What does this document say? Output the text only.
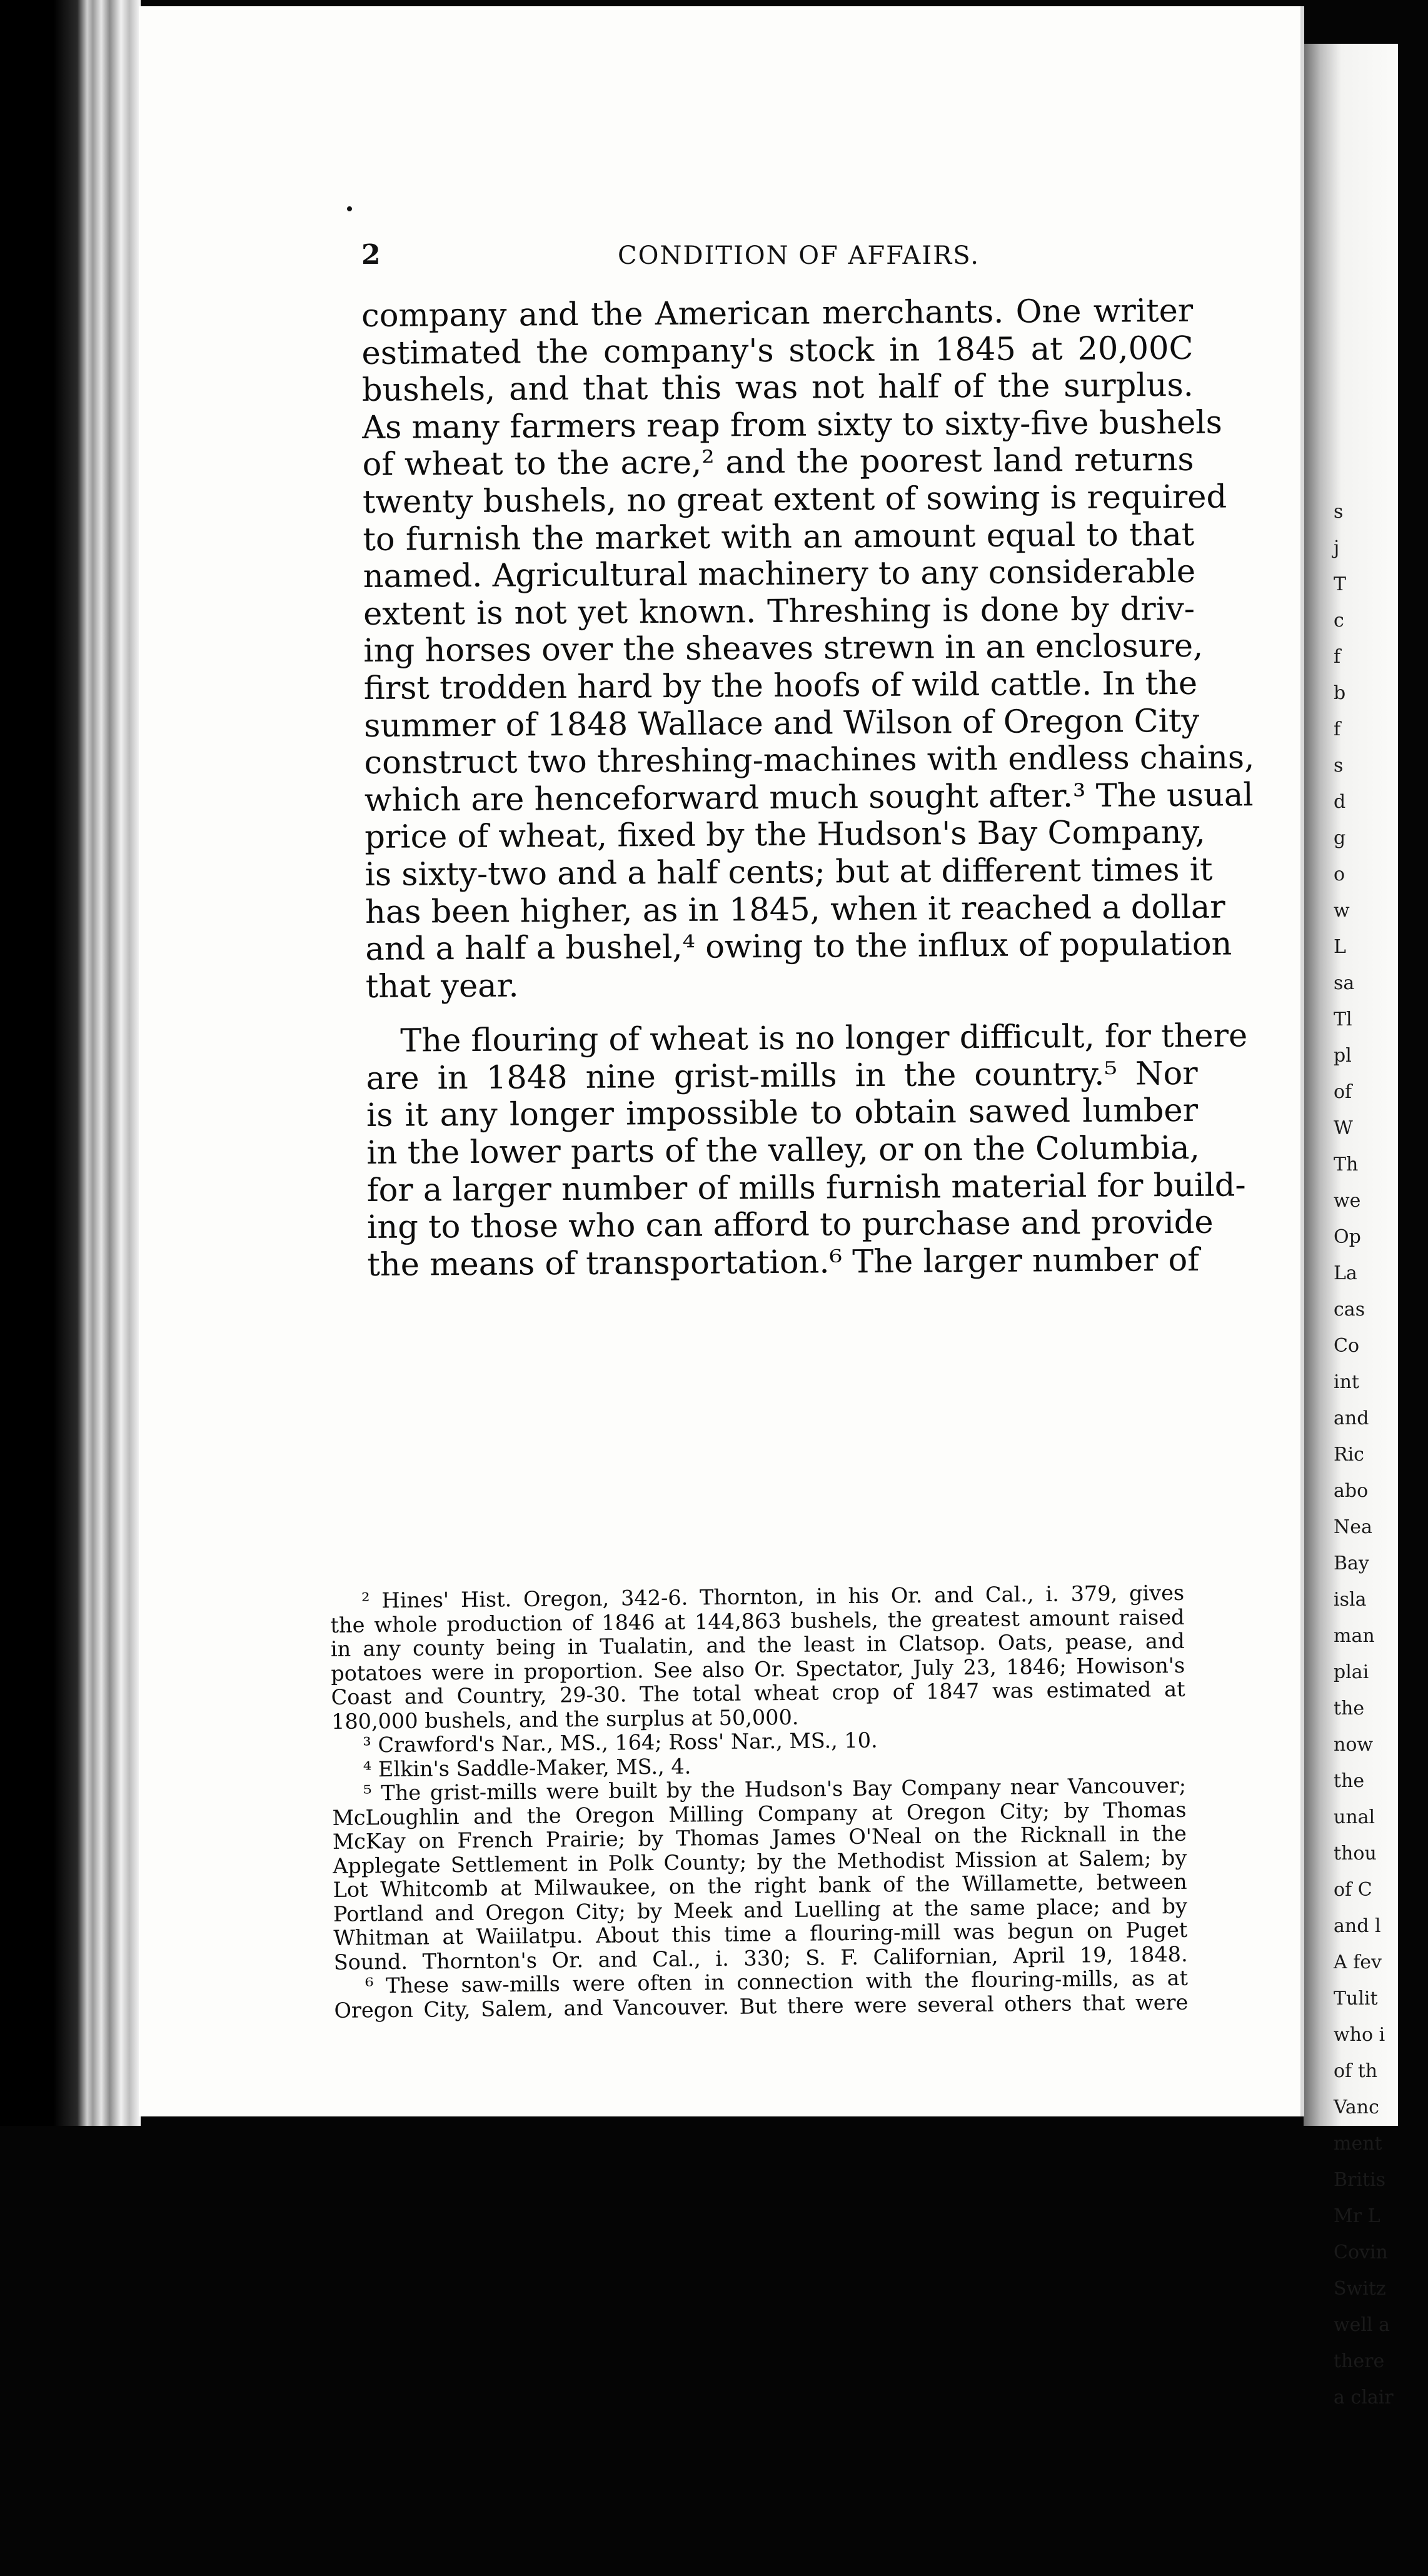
s
j
T
c
f
b
f
s
d
g
o
w
L
sa
Tl
pl
of
W
Th
we
Op
La
cas
Co
int
and
Ric
abo
Nea
Bay
isla
man
plai
the
now
the
unal
thou
of C
and l
A fev
Tulit
who i
of th
Vanc
ment
Britis
Mr L
Covin
Switz
well a
there
a clair
2	CONDITION OF AFFAIRS.
company and the American merchants. One writer
estimated the company's stock in 1845 at 20,00C
bushels, and that this was not half of the surplus.
As many farmers reap from sixty to sixty-five bushels
of wheat to the acre,² and the poorest land returns
twenty bushels, no great extent of sowing is required
to furnish the market with an amount equal to that
named. Agricultural machinery to any considerable
extent is not yet known. Threshing is done by driv-
ing horses over the sheaves strewn in an enclosure,
first trodden hard by the hoofs of wild cattle. In the
summer of 1848 Wallace and Wilson of Oregon City
construct two threshing-machines with endless chains,
which are henceforward much sought after.³ The usual
price of wheat, fixed by the Hudson's Bay Company,
is sixty-two and a half cents; but at different times it
has been higher, as in 1845, when it reached a dollar
and a half a bushel,⁴ owing to the influx of population
that year.
The flouring of wheat is no longer difficult, for there
are in 1848 nine grist-mills in the country.⁵ Nor
is it any longer impossible to obtain sawed lumber
in the lower parts of the valley, or on the Columbia,
for a larger number of mills furnish material for build-
ing to those who can afford to purchase and provide
the means of transportation.⁶ The larger number of
² Hines' Hist. Oregon, 342-6. Thornton, in his Or. and Cal., i. 379, gives
the whole production of 1846 at 144,863 bushels, the greatest amount raised
in any county being in Tualatin, and the least in Clatsop. Oats, pease, and
potatoes were in proportion. See also Or. Spectator, July 23, 1846; Howison's
Coast and Country, 29-30. The total wheat crop of 1847 was estimated at
180,000 bushels, and the surplus at 50,000.
³ Crawford's Nar., MS., 164; Ross' Nar., MS., 10.
⁴ Elkin's Saddle-Maker, MS., 4.
⁵ The grist-mills were built by the Hudson's Bay Company near Vancouver;
McLoughlin and the Oregon Milling Company at Oregon City; by Thomas
McKay on French Prairie; by Thomas James O'Neal on the Ricknall in the
Applegate Settlement in Polk County; by the Methodist Mission at Salem; by
Lot Whitcomb at Milwaukee, on the right bank of the Willamette, between
Portland and Oregon City; by Meek and Luelling at the same place; and by
Whitman at Waiilatpu. About this time a flouring-mill was begun on Puget
Sound. Thornton's Or. and Cal., i. 330; S. F. Californian, April 19, 1848.
⁶ These saw-mills were often in connection with the flouring-mills, as at
Oregon City, Salem, and Vancouver. But there were several others that were
